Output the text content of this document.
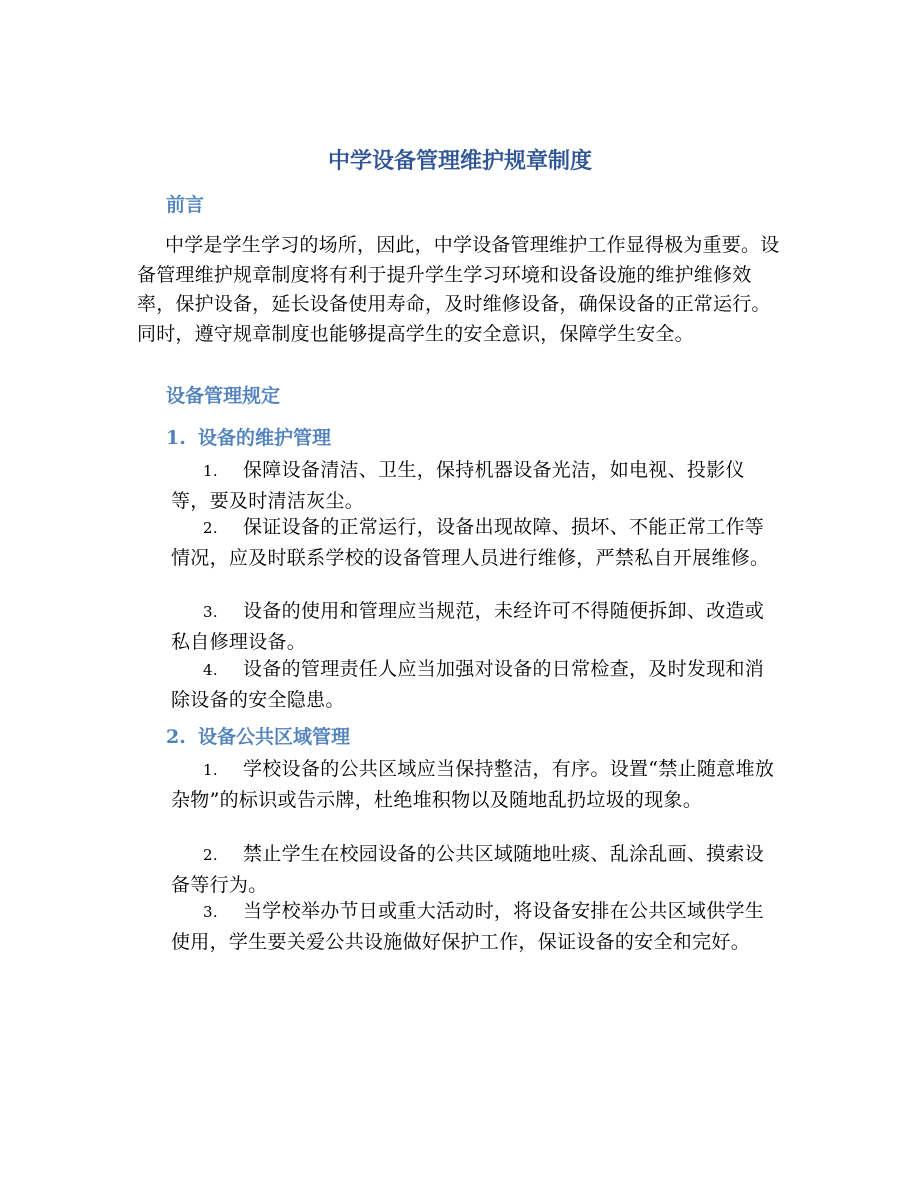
中学设备管理维护规章制度
前言
中学是学生学习的场所，因此，中学设备管理维护工作显得极为重要。设备管理维护规章制度将有利于提升学生学习环境和设备设施的维护维修效率，保护设备，延长设备使用寿命，及时维修设备，确保设备的正常运行。同时，遵守规章制度也能够提高学生的安全意识，保障学生安全。
设备管理规定
1. 设备的维护管理
1. 保障设备清洁、卫生，保持机器设备光洁，如电视、投影仪等，要及时清洁灰尘。
2. 保证设备的正常运行，设备出现故障、损坏、不能正常工作等情况，应及时联系学校的设备管理人员进行维修，严禁私自开展维修。
3. 设备的使用和管理应当规范，未经许可不得随便拆卸、改造或私自修理设备。
4. 设备的管理责任人应当加强对设备的日常检查，及时发现和消除设备的安全隐患。
2. 设备公共区域管理
1. 学校设备的公共区域应当保持整洁，有序。设置“禁止随意堆放杂物”的标识或告示牌，杜绝堆积物以及随地乱扔垃圾的现象。
2. 禁止学生在校园设备的公共区域随地吐痰、乱涂乱画、摸索设备等行为。
3. 当学校举办节日或重大活动时，将设备安排在公共区域供学生使用，学生要关爱公共设施做好保护工作，保证设备的安全和完好。
